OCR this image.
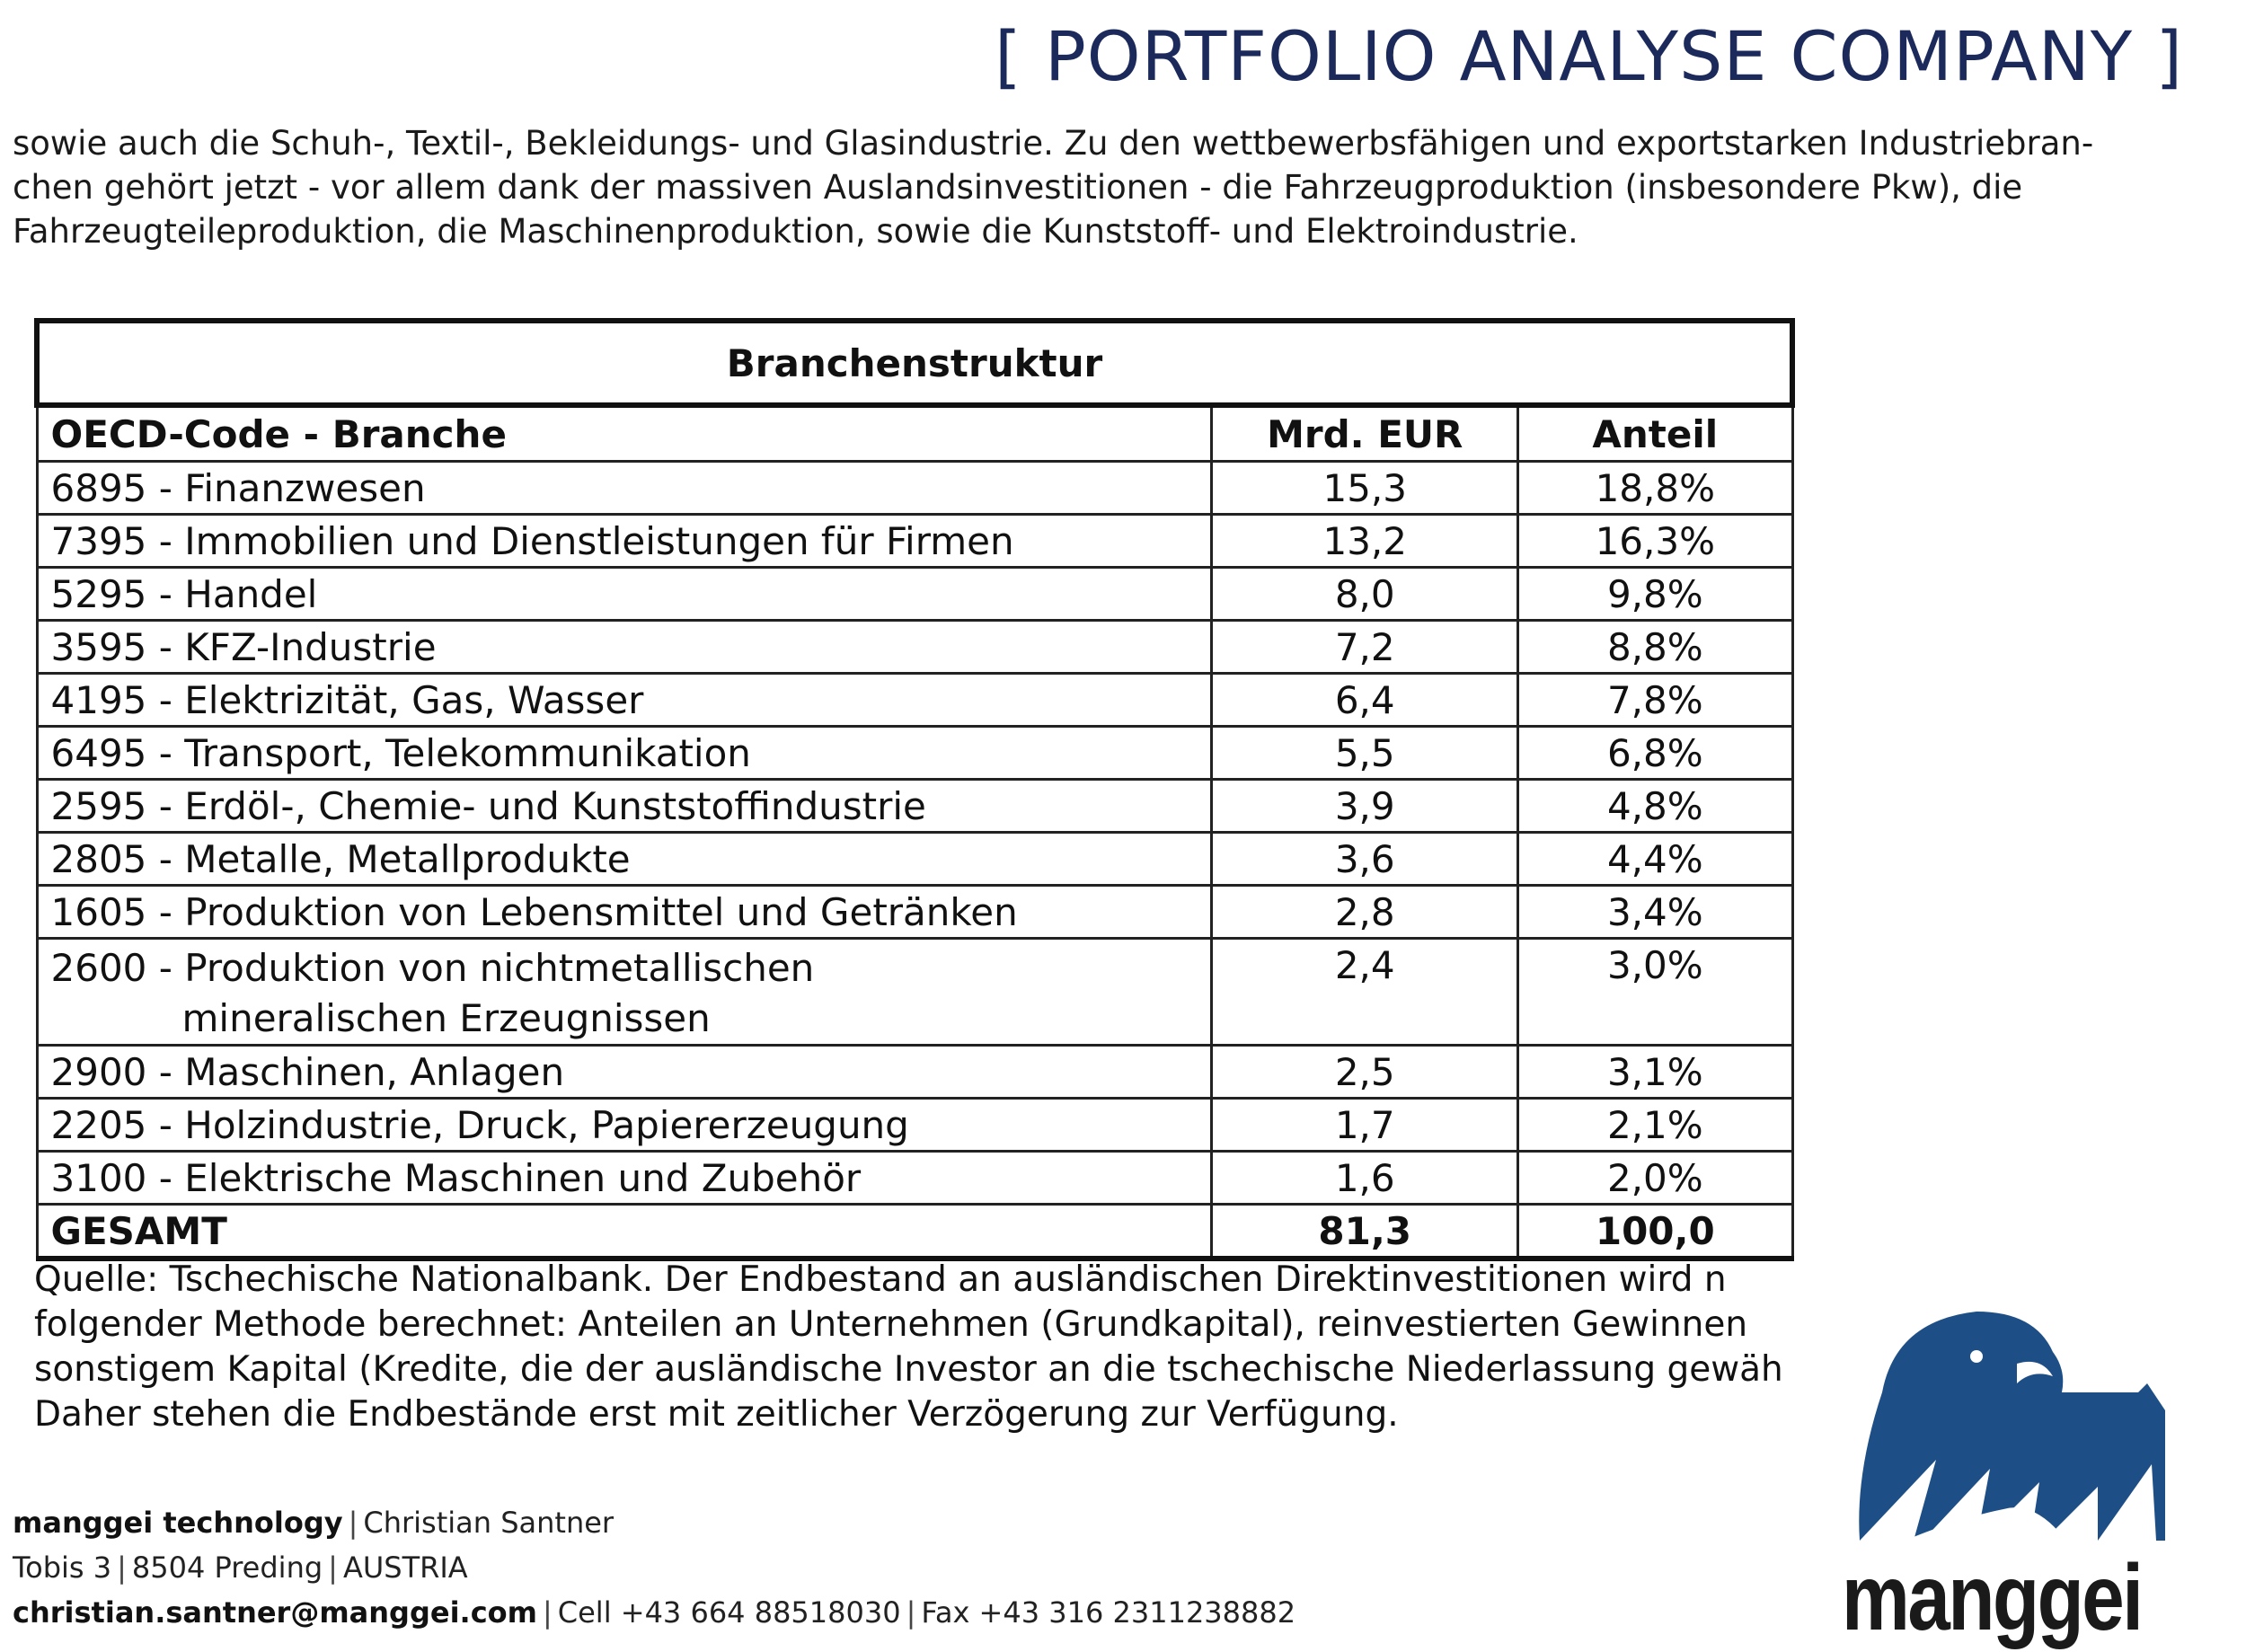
[ PORTFOLIO ANALYSE COMPANY ]

sowie auch die Schuh-, Textil-, Bekleidungs- und Glasindustrie. Zu den wettbewerbsfähigen und exportstarken Industriebran-

chen gehört jetzt - vor allem dank der massiven Auslandsinvestitionen - die Fahrzeugproduktion (insbesondere Pkw), die

Fahrzeugteileproduktion, die Maschinenproduktion, sowie die Kunststoff- und Elektroindustrie.

Branchenstruktur		
OECD-Code - Branche	Mrd. EUR	Anteil
6895 - Finanzwesen	15,3	18,8%
7395 - Immobilien und Dienstleistungen für Firmen	13,2	16,3%
5295 - Handel	8,0	9,8%
3595 - KFZ-Industrie	7,2	8,8%
4195 - Elektrizität, Gas, Wasser	6,4	7,8%
6495 - Transport, Telekommunikation	5,5	6,8%
2595 - Erdöl-, Chemie- und Kunststoffindustrie	3,9	4,8%
2805 - Metalle, Metallprodukte	3,6	4,4%
1605 - Produktion von Lebensmittel und Getränken	2,8	3,4%

2600 - Produktion von nichtmetallischen
mineralischen Erzeugnissen	2,4	3,0%
2900 - Maschinen, Anlagen	2,5	3,1%
2205 - Holzindustrie, Druck, Papiererzeugung	1,7	2,1%
3100 - Elektrische Maschinen und Zubehör	1,6	2,0%
GESAMT	81,3	100,0

Quelle: Tschechische Nationalbank. Der Endbestand an ausländischen Direktinvestitionen wird n

folgender Methode berechnet: Anteilen an Unternehmen (Grundkapital), reinvestierten Gewinnen

sonstigem Kapital (Kredite, die der ausländische Investor an die tschechische Niederlassung gewäh

Daher stehen die Endbestände erst mit zeitlicher Verzögerung zur Verfügung.

manggei technology | Christian Santner
Tobis 3 | 8504 Preding | AUSTRIA
christian.santner@manggei.com | Cell +43 664 88518030 | Fax +43 316 2311238882	manggei
